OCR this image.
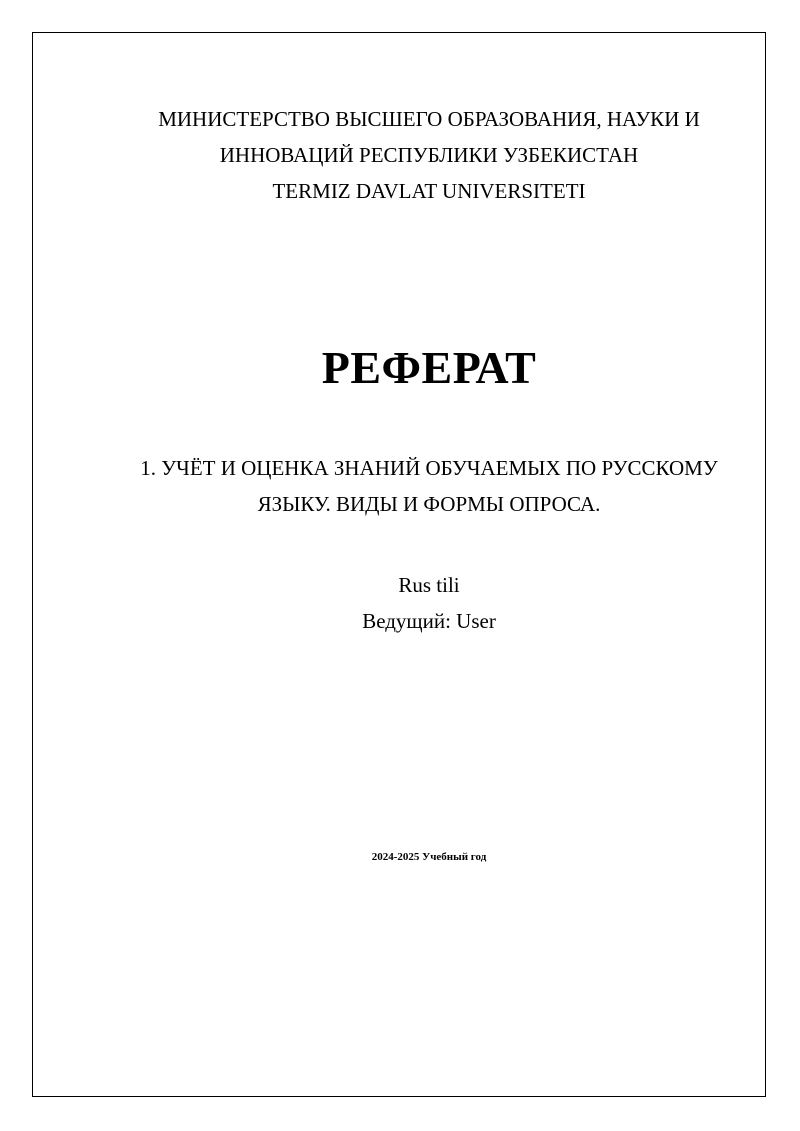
МИНИСТЕРСТВО ВЫСШЕГО ОБРАЗОВАНИЯ, НАУКИ И
ИННОВАЦИЙ РЕСПУБЛИКИ УЗБЕКИСТАН
TERMIZ DAVLAT UNIVERSITETI
РЕФЕРАТ
1. УЧЁТ И ОЦЕНКА ЗНАНИЙ ОБУЧАЕМЫХ ПО РУССКОМУ
ЯЗЫКУ. ВИДЫ И ФОРМЫ ОПРОСА.
Rus tili
Ведущий: User
2024-2025 Учебный год
